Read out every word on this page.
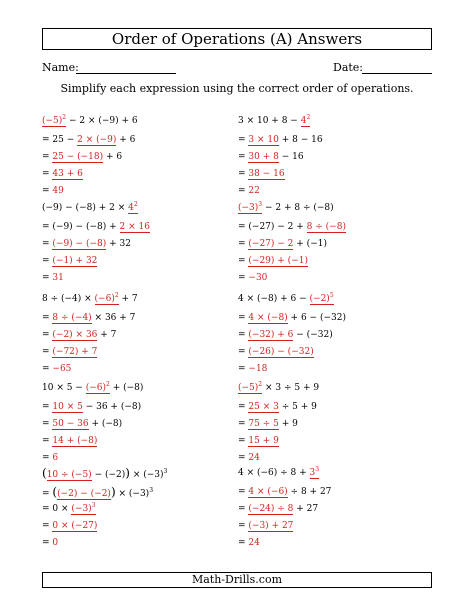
Order of Operations (A) Answers
Name:	Date:
Simplify each expression using the correct order of operations.
$(-5)^2 - 2 \times (-9) + 6$
= 25 − 2 × (−9) + 6
= 25 − (−18) + 6
= 43 + 6
= 49
$3 \times 10 + 8 - 4^2$
= 3 × 10 + 8 − 16
= 30 + 8 − 16
= 38 − 16
= 22
$(-9) - (-8) + 2 \times 4^2$
= (−9) − (−8) + 2 × 16
= (−9) − (−8) + 32
= (−1) + 32
= 31
$(-3)^3 - 2 + 8 \div (-8)$
= (−27) − 2 + 8 ÷ (−8)
= (−27) − 2 + (−1)
= (−29) + (−1)
= −30
$8 \div (-4) \times (-6)^2 + 7$
= 8 ÷ (−4) × 36 + 7
= (−2) × 36 + 7
= (−72) + 7
= −65
$4 \times (-8) + 6 - (-2)^5$
= 4 × (−8) + 6 − (−32)
= (−32) + 6 − (−32)
= (−26) − (−32)
= −18
$10 \times 5 - (-6)^2 + (-8)$
= 10 × 5 − 36 + (−8)
= 50 − 36 + (−8)
= 14 + (−8)
= 6
$(-5)^2 \times 3 \div 5 + 9$
= 25 × 3 ÷ 5 + 9
= 75 ÷ 5 + 9
= 15 + 9
= 24
$(10 \div (-5) - (-2)) \times (-3)^3$
= $((-2) - (-2)) \times (-3)^3$
= $0 \times (-3)^3$
= 0 × (−27)
= 0
$4 \times (-6) \div 8 + 3^3$
= 4 × (−6) ÷ 8 + 27
= (−24) ÷ 8 + 27
= (−3) + 27
= 24
Math-Drills.com
